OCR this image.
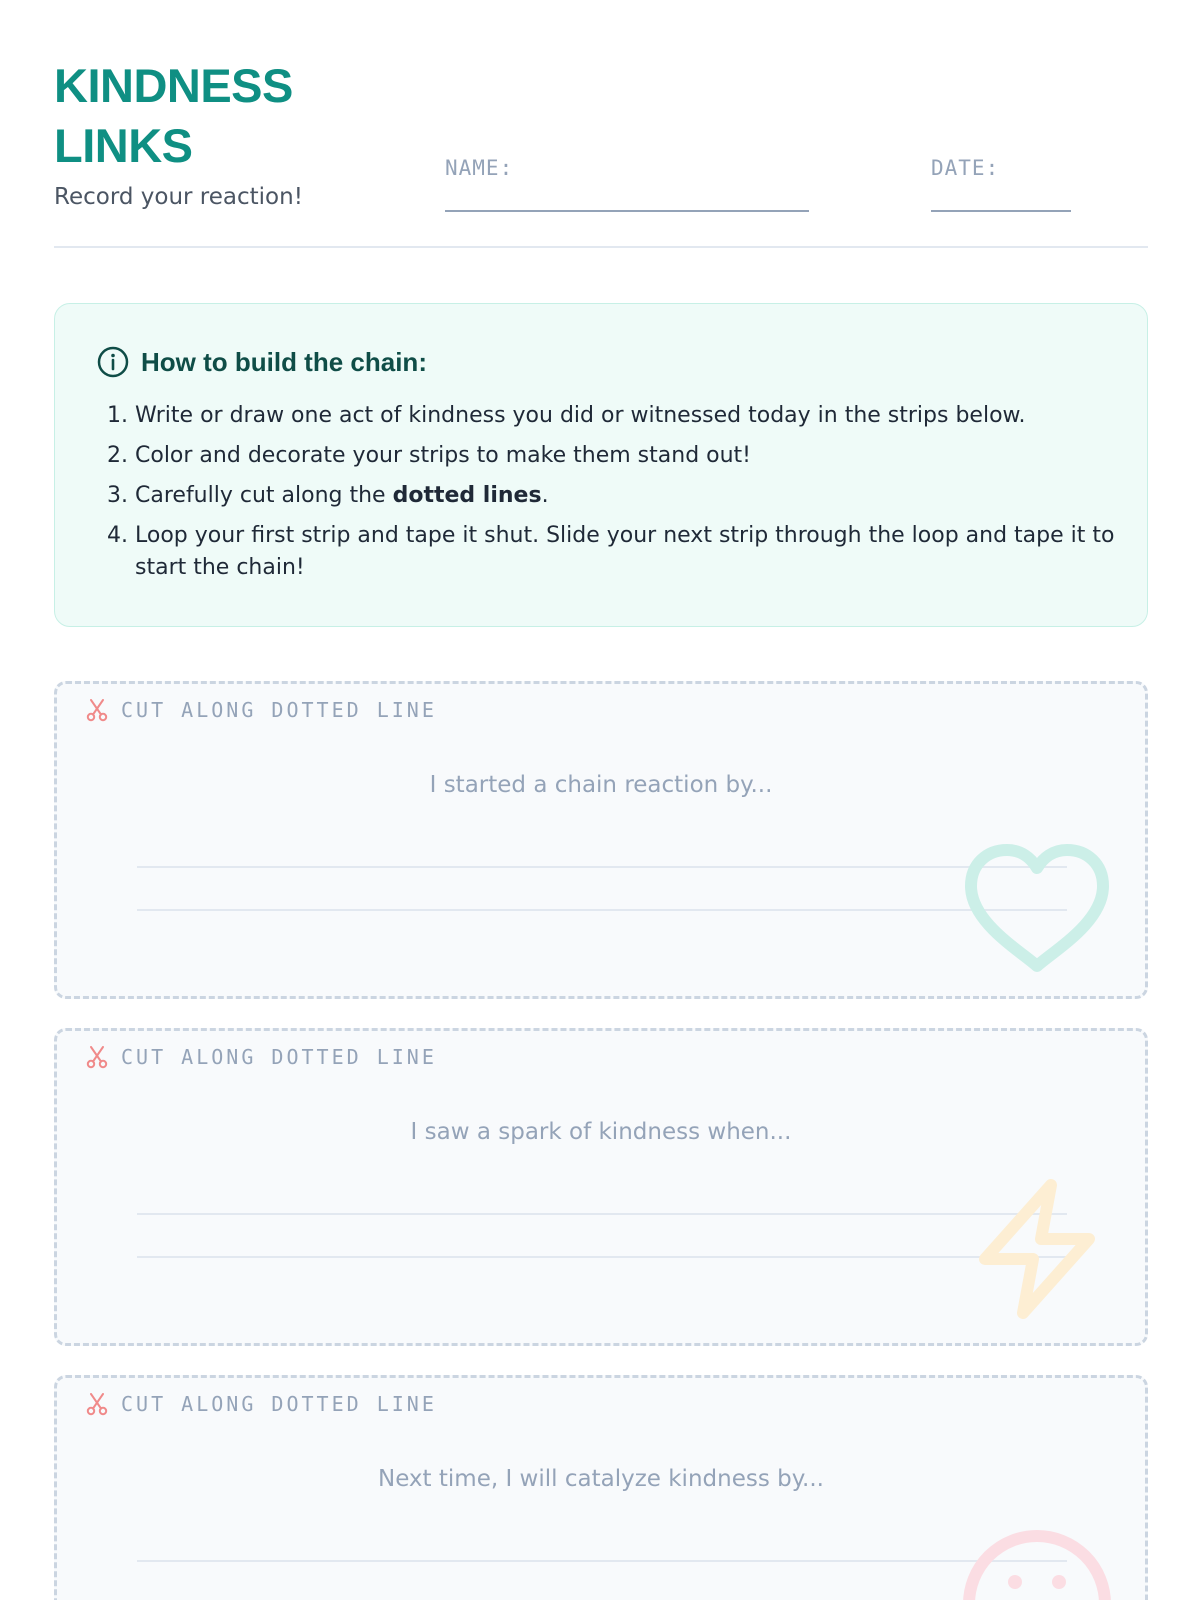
KINDNESS
LINKS
Record your reaction!
NAME:	DATE:
How to build the chain:
1. Write or draw one act of kindness you did or witnessed today in the strips below.
2. Color and decorate your strips to make them stand out!
3. Carefully cut along the dotted lines.
4. Loop your first strip and tape it shut. Slide your next strip through the loop and tape it to start the chain!
CUT ALONG DOTTED LINE
I started a chain reaction by...
CUT ALONG DOTTED LINE
I saw a spark of kindness when...
CUT ALONG DOTTED LINE
Next time, I will catalyze kindness by...
